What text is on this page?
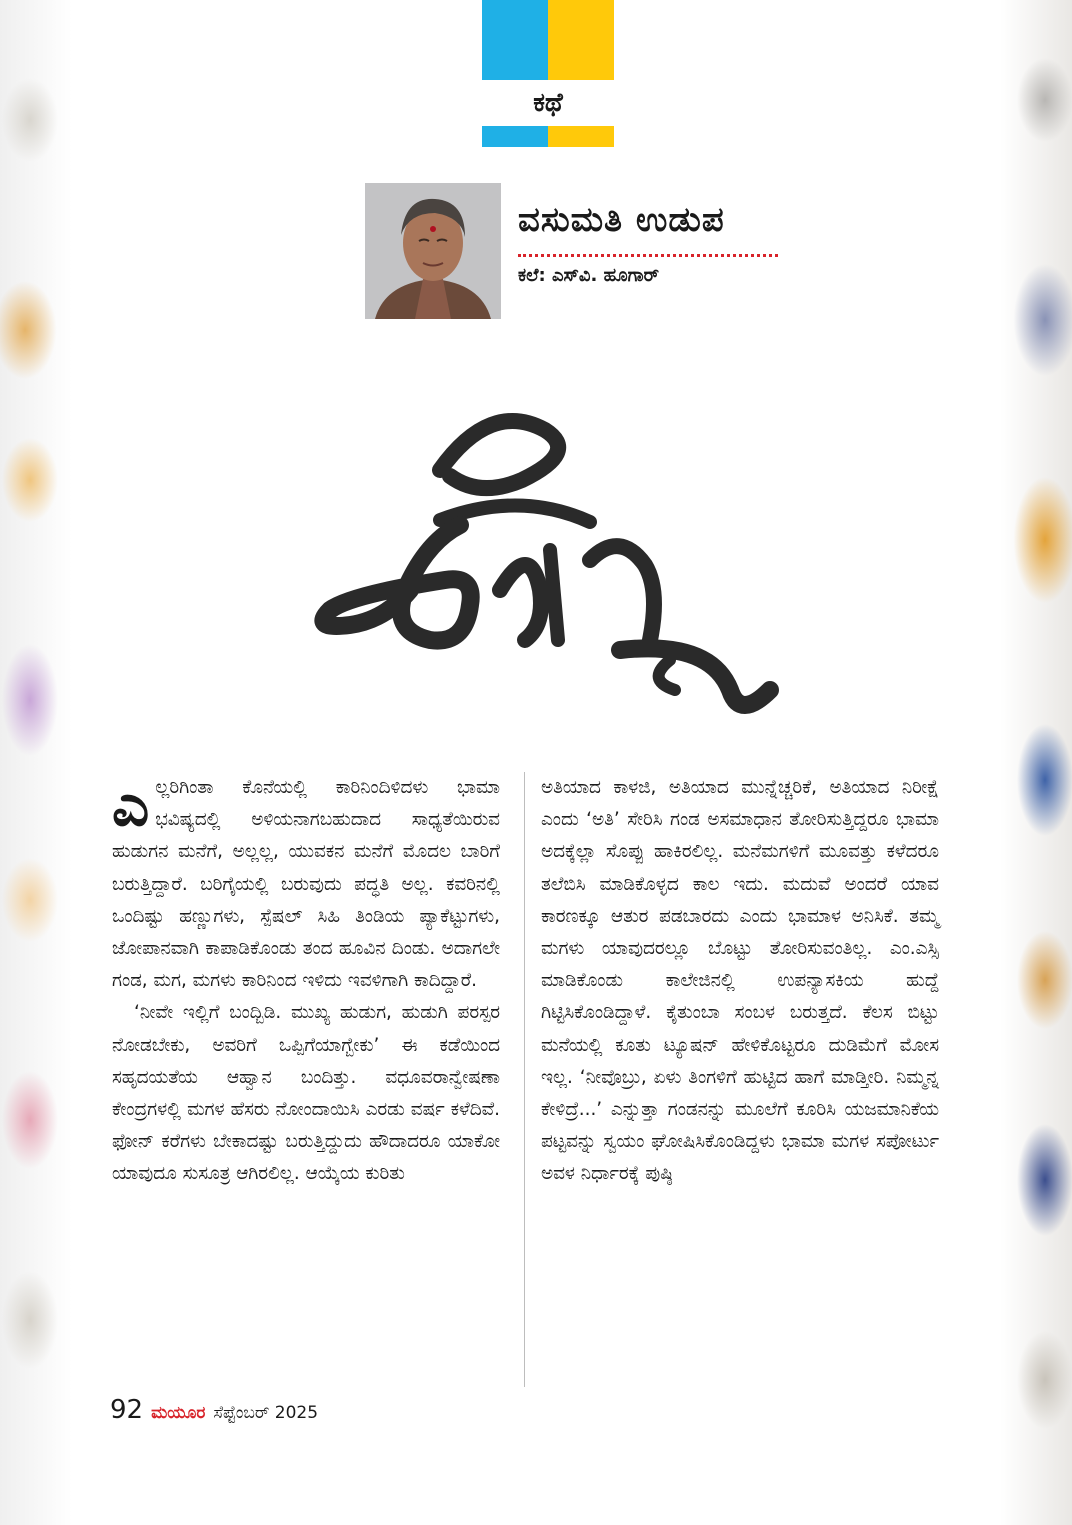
ಕಥೆ
ವಸುಮತಿ ಉಡುಪ
ಕಲೆ: ಎಸ್‌ವಿ. ಹೂಗಾರ್

ಎಲ್ಲರಿಗಿಂತಾ ಕೊನೆಯಲ್ಲಿ ಕಾರಿನಿಂದಿಳಿದಳು ಭಾಮಾ ಭವಿಷ್ಯದಲ್ಲಿ ಅಳಿಯನಾಗಬಹುದಾದ ಸಾಧ್ಯತೆಯಿರುವ ಹುಡುಗನ ಮನೆಗೆ, ಅಲ್ಲಲ್ಲ, ಯುವಕನ ಮನೆಗೆ ಮೊದಲ ಬಾರಿಗೆ ಬರುತ್ತಿದ್ದಾರೆ. ಬರಿಗೈಯಲ್ಲಿ ಬರುವುದು ಪದ್ಧತಿ ಅಲ್ಲ. ಕವರಿನಲ್ಲಿ ಒಂದಿಷ್ಟು ಹಣ್ಣುಗಳು, ಸ್ಪೆಷಲ್ ಸಿಹಿ ತಿಂಡಿಯ ಪ್ಯಾಕೆಟ್ಟುಗಳು, ಜೋಪಾನವಾಗಿ ಕಾಪಾಡಿಕೊಂಡು ತಂದ ಹೂವಿನ ದಿಂಡು. ಅದಾಗಲೇ ಗಂಡ, ಮಗ, ಮಗಳು ಕಾರಿನಿಂದ ಇಳಿದು ಇವಳಿಗಾಗಿ ಕಾದಿದ್ದಾರೆ.

‘ನೀವೇ ಇಲ್ಲಿಗೆ ಬಂದ್ಬಿಡಿ. ಮುಖ್ಯ ಹುಡುಗ, ಹುಡುಗಿ ಪರಸ್ಪರ ನೋಡಬೇಕು, ಅವರಿಗೆ ಒಪ್ಪಿಗೆಯಾಗ್ಬೇಕು’ ಈ ಕಡೆಯಿಂದ ಸಹೃದಯತೆಯ ಆಹ್ವಾನ ಬಂದಿತ್ತು. ವಧೂವರಾನ್ವೇಷಣಾ ಕೇಂದ್ರಗಳಲ್ಲಿ ಮಗಳ ಹೆಸರು ನೋಂದಾಯಿಸಿ ಎರಡು ವರ್ಷ ಕಳೆದಿವೆ. ಫೋನ್ ಕರೆಗಳು ಬೇಕಾದಷ್ಟು ಬರುತ್ತಿದ್ದುದು ಹೌದಾದರೂ ಯಾಕೋ ಯಾವುದೂ ಸುಸೂತ್ರ ಆಗಿರಲಿಲ್ಲ. ಆಯ್ಕೆಯ ಕುರಿತು

ಅತಿಯಾದ ಕಾಳಜಿ, ಅತಿಯಾದ ಮುನ್ನೆಚ್ಚರಿಕೆ, ಅತಿಯಾದ ನಿರೀಕ್ಷೆ ಎಂದು ‘ಅತಿ’ ಸೇರಿಸಿ ಗಂಡ ಅಸಮಾಧಾನ ತೋರಿಸುತ್ತಿದ್ದರೂ ಭಾಮಾ ಅದಕ್ಕೆಲ್ಲಾ ಸೊಪ್ಪು ಹಾಕಿರಲಿಲ್ಲ. ಮನೆಮಗಳಿಗೆ ಮೂವತ್ತು ಕಳೆದರೂ ತಲೆಬಿಸಿ ಮಾಡಿಕೊಳ್ಳದ ಕಾಲ ಇದು. ಮದುವೆ ಅಂದರೆ ಯಾವ ಕಾರಣಕ್ಕೂ ಆತುರ ಪಡಬಾರದು ಎಂದು ಭಾಮಾಳ ಅನಿಸಿಕೆ. ತಮ್ಮ ಮಗಳು ಯಾವುದರಲ್ಲೂ ಬೊಟ್ಟು ತೋರಿಸುವಂತಿಲ್ಲ. ಎಂ.ಎಸ್ಸಿ ಮಾಡಿಕೊಂಡು ಕಾಲೇಜಿನಲ್ಲಿ ಉಪನ್ಯಾಸಕಿಯ ಹುದ್ದೆ ಗಿಟ್ಟಿಸಿಕೊಂಡಿದ್ದಾಳೆ. ಕೈತುಂಬಾ ಸಂಬಳ ಬರುತ್ತದೆ. ಕೆಲಸ ಬಿಟ್ಟು ಮನೆಯಲ್ಲಿ ಕೂತು ಟ್ಯೂಷನ್ ಹೇಳಿಕೊಟ್ಟರೂ ದುಡಿಮೆಗೆ ಮೋಸ ಇಲ್ಲ. ‘ನೀವೊಬ್ರು, ಏಳು ತಿಂಗಳಿಗೆ ಹುಟ್ಟಿದ ಹಾಗೆ ಮಾಡ್ತೀರಿ. ನಿಮ್ಮನ್ನ ಕೇಳಿದ್ರೆ...’ ಎನ್ನುತ್ತಾ ಗಂಡನನ್ನು ಮೂಲೆಗೆ ಕೂರಿಸಿ ಯಜಮಾನಿಕೆಯ ಪಟ್ಟವನ್ನು ಸ್ವಯಂ ಘೋಷಿಸಿಕೊಂಡಿದ್ದಳು ಭಾಮಾ ಮಗಳ ಸಪೋರ್ಟು ಅವಳ ನಿರ್ಧಾರಕ್ಕೆ ಪುಷ್ಠಿ

92 ಮಯೂರ ಸೆಪ್ಟೆಂಬರ್ 2025
